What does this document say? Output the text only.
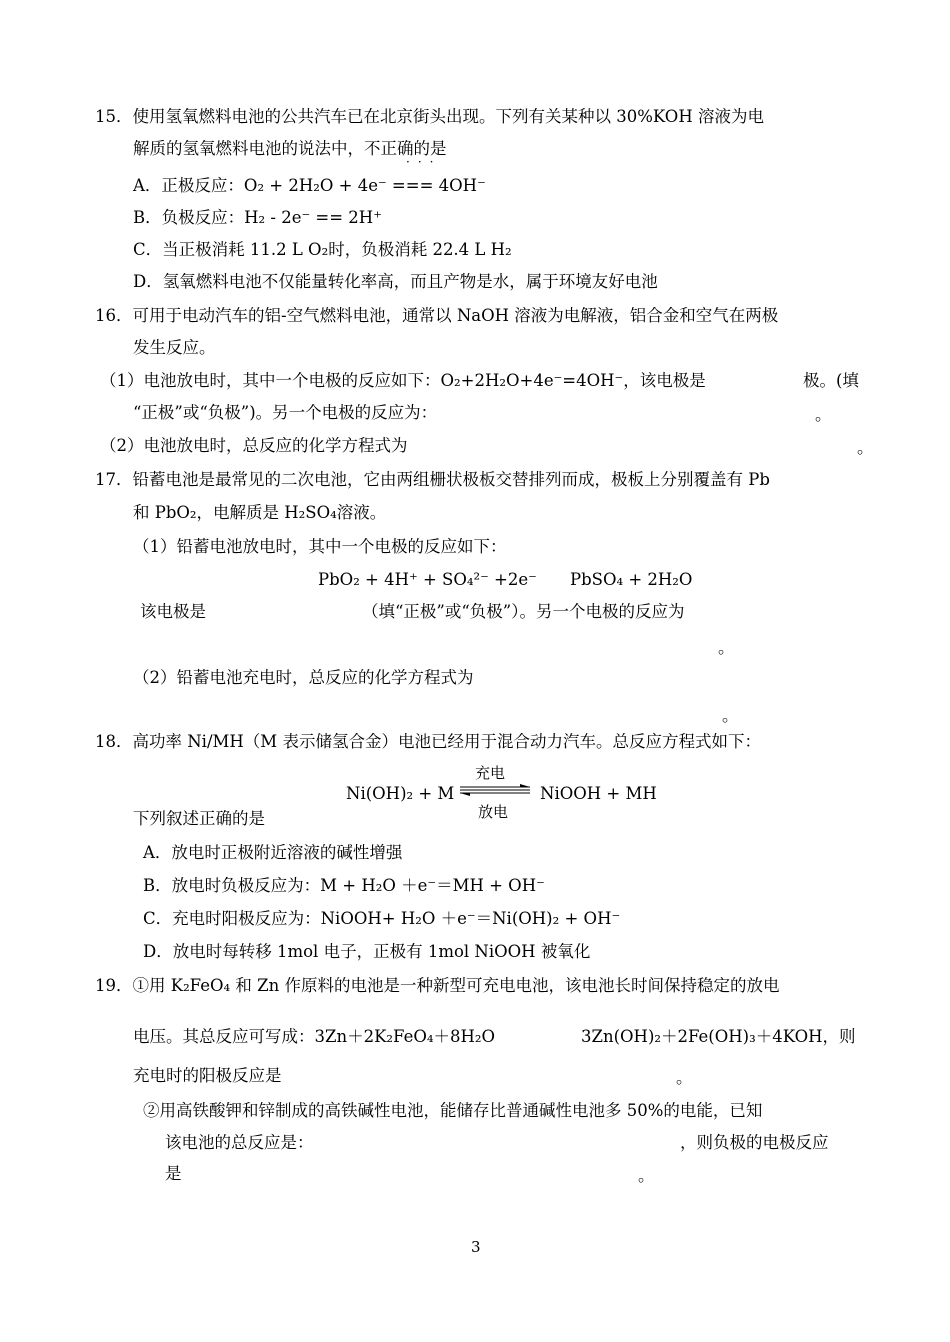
15．使用氢氧燃料电池的公共汽车已在北京街头出现。下列有关某种以 30%KOH 溶液为电
解质的氢氧燃料电池的说法中，不正确的是
···
A．正极反应：O₂ + 2H₂O + 4e⁻ === 4OH⁻
B．负极反应：H₂ - 2e⁻ == 2H⁺
C．当正极消耗 11.2 L O₂时，负极消耗 22.4 L H₂
D．氢氧燃料电池不仅能量转化率高，而且产物是水，属于环境友好电池
16．可用于电动汽车的铝-空气燃料电池，通常以 NaOH 溶液为电解液，铝合金和空气在两极
发生反应。
（1）电池放电时，其中一个电极的反应如下：O₂+2H₂O+4e⁻=4OH⁻，该电极是	极。(填
“正极”或“负极”)。另一个电极的反应为：	。
（2）电池放电时，总反应的化学方程式为	。
17．铅蓄电池是最常见的二次电池，它由两组栅状极板交替排列而成，极板上分别覆盖有 Pb
和 PbO₂，电解质是 H₂SO₄溶液。
（1）铅蓄电池放电时，其中一个电极的反应如下：
PbO₂ + 4H⁺ + SO₄²⁻ +2e⁻ PbSO₄ + 2H₂O
该电极是	（填“正极”或“负极”）。另一个电极的反应为
。
（2）铅蓄电池充电时，总反应的化学方程式为
。
18．高功率 Ni/MH（M 表示储氢合金）电池已经用于混合动力汽车。总反应方程式如下：
Ni(OH)₂ + M
充电
NiOOH + MH
放电
下列叙述正确的是
A．放电时正极附近溶液的碱性增强
B．放电时负极反应为：M + H₂O ＋e⁻＝MH + OH⁻
C．充电时阳极反应为：NiOOH+ H₂O ＋e⁻＝Ni(OH)₂ + OH⁻
D．放电时每转移 1mol 电子，正极有 1mol NiOOH 被氧化
19．①用 K₂FeO₄ 和 Zn 作原料的电池是一种新型可充电电池，该电池长时间保持稳定的放电
电压。其总反应可写成：3Zn＋2K₂FeO₄＋8H₂O	3Zn(OH)₂＋2Fe(OH)₃＋4KOH，则
充电时的阳极反应是	。
②用高铁酸钾和锌制成的高铁碱性电池，能储存比普通碱性电池多 50%的电能，已知
该电池的总反应是：	，则负极的电极反应
是	。
3
